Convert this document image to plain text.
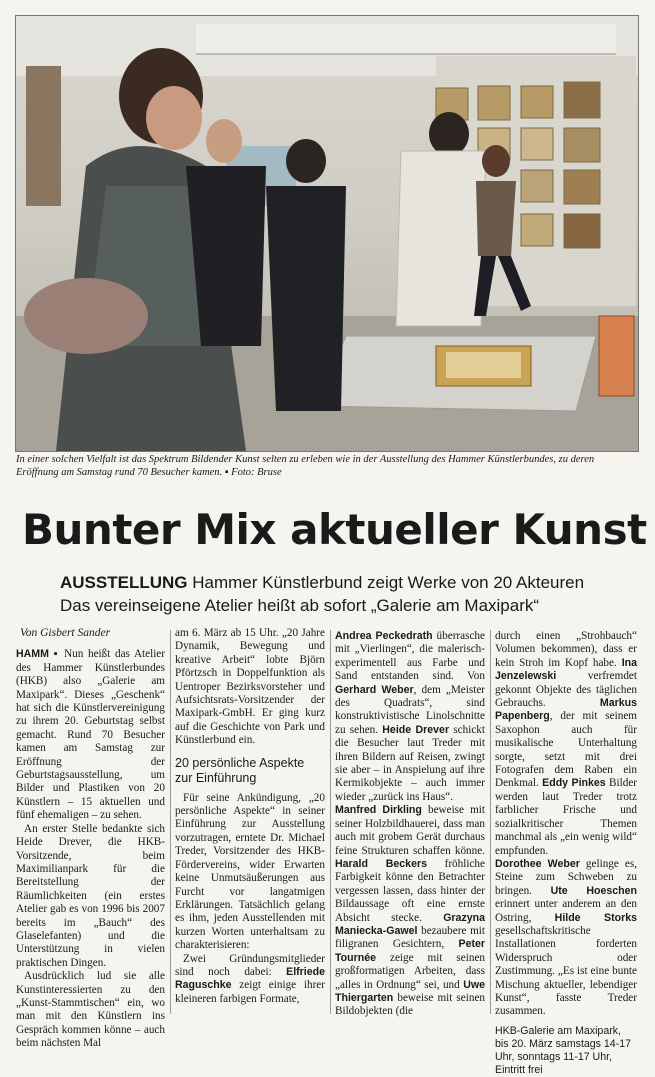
In einer solchen Vielfalt ist das Spektrum Bildender Kunst selten zu erleben wie in der Ausstellung des Hammer Künstlerbundes, zu deren Eröffnung am Samstag rund 70 Besucher kamen. ▪ Foto: Bruse
Bunter Mix aktueller Kunst
AUSSTELLUNG Hammer Künstlerbund zeigt Werke von 20 Akteuren
Das vereinseigene Atelier heißt ab sofort „Galerie am Maxipark“

Von Gisbert Sander

HAMM ▪ Nun heißt das Atelier des Hammer Künstlerbundes (HKB) also „Galerie am Maxipark“. Dieses „Geschenk“ hat sich die Künstlervereinigung zu ihrem 20. Geburtstag selbst gemacht. Rund 70 Besucher kamen am Samstag zur Eröffnung der Geburtstagsausstellung, um Bilder und Plastiken von 20 Künstlern – 15 aktuellen und fünf ehemaligen – zu sehen.

An erster Stelle bedankte sich Heide Drever, die HKB-Vorsitzende, beim Maximilianpark für die Bereitstellung der Räumlichkeiten (ein erstes Atelier gab es von 1996 bis 2007 bereits im „Bauch“ des Glaselefanten) und die Unterstützung in vielen praktischen Dingen.

Ausdrücklich lud sie alle Kunstinteressierten zu den „Kunst-Stammtischen“ ein, wo man mit den Künstlern ins Gespräch kommen könne – auch beim nächsten Mal

am 6. März ab 15 Uhr. „20 Jahre Dynamik, Bewegung und kreative Arbeit“ lobte Björn Pförtzsch in Doppelfunktion als Uentroper Bezirksvorsteher und Aufsichtsrats-Vorsitzender der Maxipark-GmbH. Er ging kurz auf die Geschichte von Park und Künstlerbund ein.

20 persönliche Aspekte zur Einführung

Für seine Ankündigung, „20 persönliche Aspekte“ in seiner Einführung zur Ausstellung vorzutragen, erntete Dr. Michael Treder, Vorsitzender des HKB-Fördervereins, wider Erwarten keine Unmutsäußerungen aus Furcht vor langatmigen Erklärungen. Tatsächlich gelang es ihm, jeden Ausstellenden mit kurzen Worten unterhaltsam zu charakterisieren:

Zwei Gründungsmitglieder sind noch dabei: Elfriede Raguschke zeigt einige ihrer kleineren farbigen Formate,

Andrea Peckedrath überrasche mit „Vierlingen“, die malerisch-experimentell aus Farbe und Sand entstanden sind. Von Gerhard Weber, dem „Meister des Quadrats“, sind konstruktivistische Linolschnitte zu sehen. Heide Drever schickt die Besucher laut Treder mit ihren Bildern auf Reisen, zwingt sie aber – in Anspielung auf ihre Kermikobjekte – auch immer wieder „zurück ins Haus“.

Manfred Dirkling beweise mit seiner Holzbildhauerei, dass man auch mit grobem Gerät durchaus feine Strukturen schaffen könne. Harald Beckers fröhliche Farbigkeit könne den Betrachter vergessen lassen, dass hinter der Bildaussage oft eine ernste Absicht stecke. Grazyna Maniecka-Gawel bezaubere mit filigranen Gesichtern, Peter Tournée zeige mit seinen großformatigen Arbeiten, dass „alles in Ordnung“ sei, und Uwe Thiergarten beweise mit seinen Bildobjekten (die

durch einen „Strohbauch“ Volumen bekommen), dass er kein Stroh im Kopf habe. Ina Jenzelewski	verfremdet gekonnt Objekte des täglichen Gebrauchs.	Markus Papenberg, der mit seinem Saxophon auch für musikalische Unterhaltung sorgte, setzt mit drei Fotografen dem Raben ein Denkmal. Eddy Pinkes Bilder werden laut Treder trotz farblicher Frische und sozialkritischer Themen manchmal als „ein wenig wild“ empfunden.

Dorothee Weber gelinge es, Steine zum Schweben zu bringen. Ute Hoeschen erinnert unter anderem an den Ostring, Hilde Storks gesellschaftskritische Installationen forderten Widerspruch oder Zustimmung. „Es ist eine bunte Mischung aktueller, lebendiger Kunst“, fasste Treder zusammen.

HKB-Galerie am Maxipark, bis 20. März samstags 14-17 Uhr, sonntags 11-17 Uhr, Eintritt frei
